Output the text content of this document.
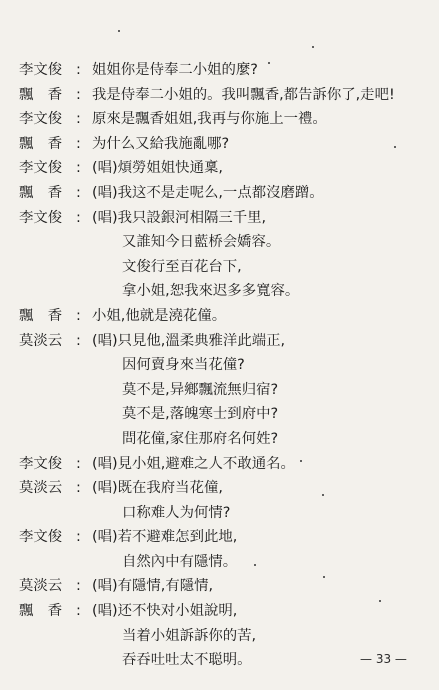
李文俊 : 姐姐你是侍奉二小姐的麼?
飄　香 : 我是侍奉二小姐的。我叫飄香,都告訴你了,走吧!
李文俊 : 原來是飄香姐姐,我再与你施上一禮。
飄　香 : 为什么又給我施亂哪?
李文俊 : (唱)煩勞姐姐快通稟,
飄　香 : (唱)我这不是走呢么,一点都沒磨蹭。
李文俊 : (唱)我只設銀河相隔三千里,
又誰知今日藍桥会嬌容。
文俊行至百花台下,
拿小姐,恕我來迟多多寬容。
飄　香 : 小姐,他就是澆花僮。
莫淡云 : (唱)只見他,溫柔典雅洋此端正,
因何賣身來当花僮?
莫不是,异鄉飄流無归宿?
莫不是,落魄寒士到府中?
問花僮,家住那府名何姓?
李文俊 : (唱)見小姐,避难之人不敢通名。
莫淡云 : (唱)既在我府当花僮,
口称难人为何情?
李文俊 : (唱)若不避难怎到此地,
自然內中有隱情。
莫淡云 : (唱)有隱情,有隱情,
飄　香 : (唱)还不快对小姐說明,
当着小姐訴訴你的苦,
吞吞吐吐太不聪明。	— 33 —
